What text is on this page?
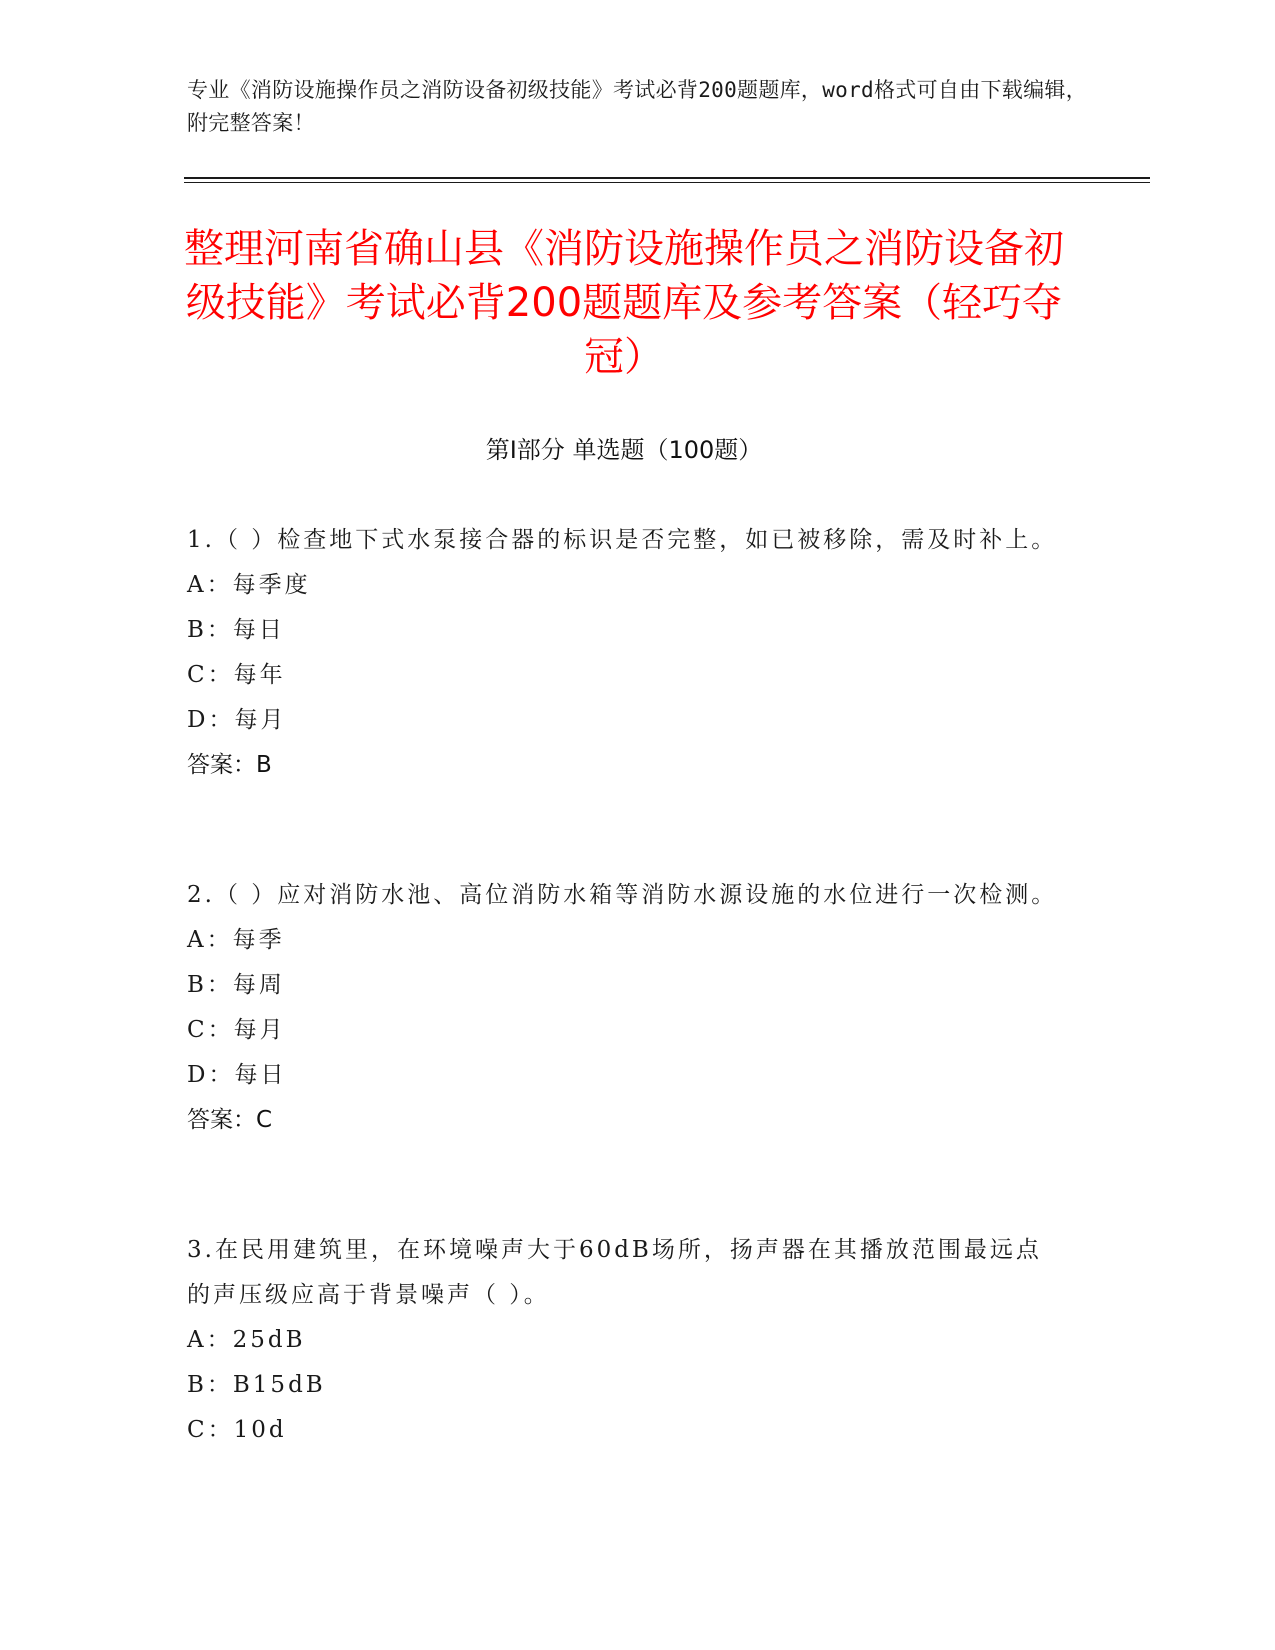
专业《消防设施操作员之消防设备初级技能》考试必背200题题库，word格式可自由下载编辑，附完整答案！
整理河南省确山县《消防设施操作员之消防设备初级技能》考试必背200题题库及参考答案（轻巧夺冠）
第I部分 单选题（100题）

1.（ ）检查地下式水泵接合器的标识是否完整，如已被移除，需及时补上。

A：每季度

B：每日

C：每年

D：每月

答案：B

2.（ ）应对消防水池、高位消防水箱等消防水源设施的水位进行一次检测。

A：每季

B：每周

C：每月

D：每日

答案：C

3.在民用建筑里，在环境噪声大于60dB场所，扬声器在其播放范围最远点的声压级应高于背景噪声（ ）。

A：25dB

B：B15dB

C：10d
